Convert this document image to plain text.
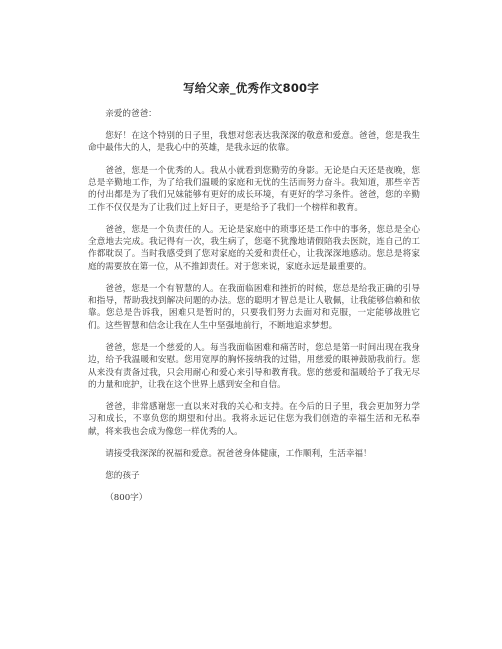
写给父亲_优秀作文800字

亲爱的爸爸：

您好！在这个特别的日子里，我想对您表达我深深的敬意和爱意。爸爸，您是我生命中最伟大的人，是我心中的英雄，是我永远的依靠。

爸爸，您是一个优秀的人。我从小就看到您勤劳的身影。无论是白天还是夜晚，您总是辛勤地工作，为了给我们温暖的家庭和无忧的生活而努力奋斗。我知道，那些辛苦的付出都是为了我们兄妹能够有更好的成长环境，有更好的学习条件。爸爸，您的辛勤工作不仅仅是为了让我们过上好日子，更是给予了我们一个榜样和教育。

爸爸，您是一个负责任的人。无论是家庭中的琐事还是工作中的事务，您总是全心全意地去完成。我记得有一次，我生病了，您毫不犹豫地请假陪我去医院，连自己的工作都耽误了。当时我感受到了您对家庭的关爱和责任心，让我深深地感动。您总是将家庭的需要放在第一位，从不推卸责任。对于您来说，家庭永远是最重要的。

爸爸，您是一个有智慧的人。在我面临困难和挫折的时候，您总是给我正确的引导和指导，帮助我找到解决问题的办法。您的聪明才智总是让人敬佩，让我能够信赖和依靠。您总是告诉我，困难只是暂时的，只要我们努力去面对和克服，一定能够战胜它们。这些智慧和信念让我在人生中坚强地前行，不断地追求梦想。

爸爸，您是一个慈爱的人。每当我面临困难和痛苦时，您总是第一时间出现在我身边，给予我温暖和安慰。您用宽厚的胸怀接纳我的过错，用慈爱的眼神鼓励我前行。您从来没有责备过我，只会用耐心和爱心来引导和教育我。您的慈爱和温暖给予了我无尽的力量和庇护，让我在这个世界上感到安全和自信。

爸爸，非常感谢您一直以来对我的关心和支持。在今后的日子里，我会更加努力学习和成长，不辜负您的期望和付出。我将永远记住您为我们创造的幸福生活和无私奉献，将来我也会成为像您一样优秀的人。

请接受我深深的祝福和爱意。祝爸爸身体健康，工作顺利，生活幸福！

您的孩子

（800字）
